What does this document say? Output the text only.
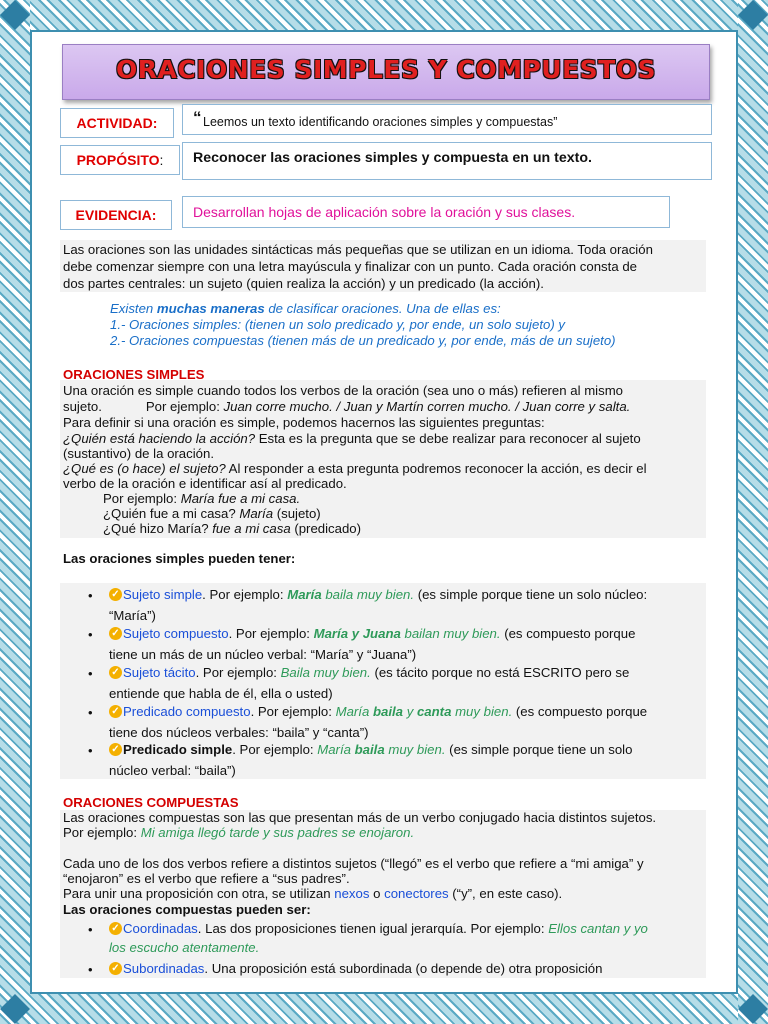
ORACIONES SIMPLES Y COMPUESTOS
ACTIVIDAD:	“ Leemos un texto identificando oraciones simples y compuestas”
PROPÓSITO:	Reconocer las oraciones simples y compuesta en un texto.
EVIDENCIA:	Desarrollan hojas de aplicación sobre la oración y sus clases.
Las oraciones son las unidades sintácticas más pequeñas que se utilizan en un idioma. Toda oración
debe comenzar siempre con una letra mayúscula y finalizar con un punto. Cada oración consta de
dos partes centrales: un sujeto (quien realiza la acción) y un predicado (la acción).
Existen muchas maneras de clasificar oraciones. Una de ellas es:
1.- Oraciones simples: (tienen un solo predicado y, por ende, un solo sujeto) y
2.- Oraciones compuestas (tienen más de un predicado y, por ende, más de un sujeto)
ORACIONES SIMPLES
Una oración es simple cuando todos los verbos de la oración (sea uno o más) refieren al mismo
sujeto.            Por ejemplo: Juan corre mucho. / Juan y Martín corren mucho. / Juan corre y salta.
Para definir si una oración es simple, podemos hacernos las siguientes preguntas:
¿Quién está haciendo la acción? Esta es la pregunta que se debe realizar para reconocer al sujeto
(sustantivo) de la oración.
¿Qué es (o hace) el sujeto? Al responder a esta pregunta podremos reconocer la acción, es decir el
verbo de la oración e identificar así al predicado.
Por ejemplo: María fue a mi casa.
¿Quién fue a mi casa? María (sujeto)
¿Qué hizo María? fue a mi casa (predicado)
Las oraciones simples pueden tener:
• ✓ Sujeto simple. Por ejemplo: María baila muy bien. (es simple porque tiene un solo núcleo:
“María”)
• ✓ Sujeto compuesto. Por ejemplo: María y Juana bailan muy bien. (es compuesto porque
tiene un más de un núcleo verbal: “María” y “Juana”)
• ✓ Sujeto tácito. Por ejemplo: Baila muy bien. (es tácito porque no está ESCRITO pero se
entiende que habla de él, ella o usted)
• ✓ Predicado compuesto. Por ejemplo: María baila y canta muy bien. (es compuesto porque
tiene dos núcleos verbales: “baila” y “canta”)
• ✓ Predicado simple. Por ejemplo: María baila muy bien. (es simple porque tiene un solo
núcleo verbal: “baila”)
ORACIONES COMPUESTAS
Las oraciones compuestas son las que presentan más de un verbo conjugado hacia distintos sujetos.
Por ejemplo: Mi amiga llegó tarde y sus padres se enojaron.
Cada uno de los dos verbos refiere a distintos sujetos (“llegó” es el verbo que refiere a “mi amiga” y
“enojaron” es el verbo que refiere a “sus padres”.
Para unir una proposición con otra, se utilizan nexos o conectores (“y”, en este caso).
Las oraciones compuestas pueden ser:
• ✓ Coordinadas. Las dos proposiciones tienen igual jerarquía. Por ejemplo: Ellos cantan y yo
los escucho atentamente.
• ✓ Subordinadas. Una proposición está subordinada (o depende de) otra proposición
